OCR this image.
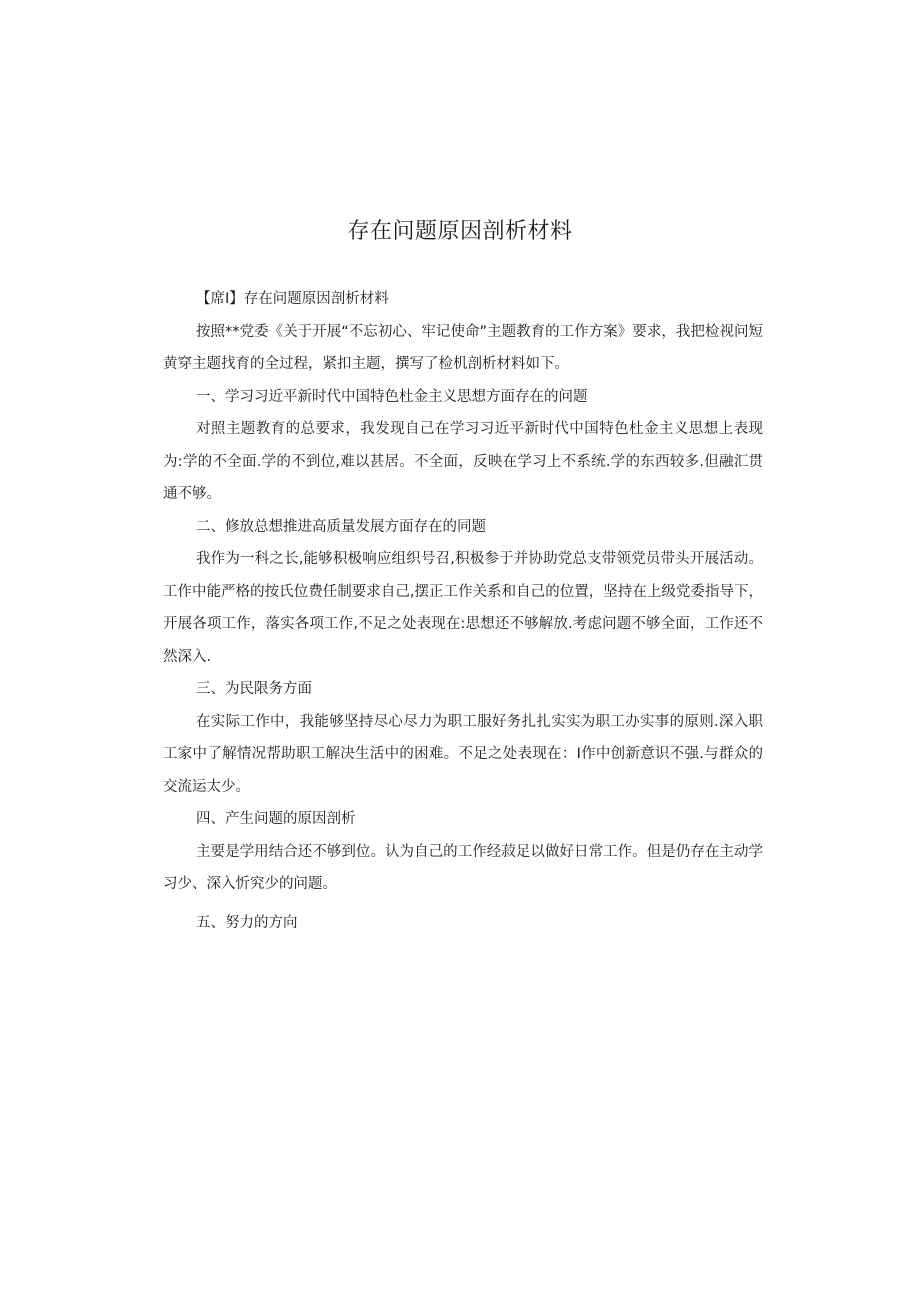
存在问题原因剖析材料

【席I】存在问题原因剖析材料

按照**党委《关于开展“不忘初心、牢记使命”主题教育的工作方案》要求，我把检视问短黄穿主题找育的全过程，紧扣主题，撰写了检机剖析材料如下。

一、学习习近平新时代中国特色杜金主义思想方面存在的问题

对照主题教育的总要求，我发现自己在学习习近平新时代中国特色杜金主义思想上表现为:学的不全面.学的不到位,难以甚居。不全面，反映在学习上不系统.学的东西较多.但融汇贯通不够。

二、修放总想推进高质量发展方面存在的同题

我作为一科之长,能够积极响应组织号召,积极参于并协助党总支带领党员带头开展活动。工作中能严格的按氏位费任制要求自己,摆正工作关系和自己的位置，坚持在上级党委指导下，开展各项工作，落实各项工作,不足之处表现在:思想还不够解放.考虑问题不够全面，工作还不然深入.

三、为民限务方面

在实际工作中，我能够坚持尽心尽力为职工服好务扎扎实实为职工办实事的原则.深入职工家中了解情况帮助职工解决生活中的困难。不足之处表现在：I作中创新意识不强.与群众的交流运太少。

四、产生问题的原因剖析

主要是学用结合还不够到位。认为自己的工作经菽足以做好日常工作。但是仍存在主动学习少、深入忻究少的问题。

五、努力的方向
